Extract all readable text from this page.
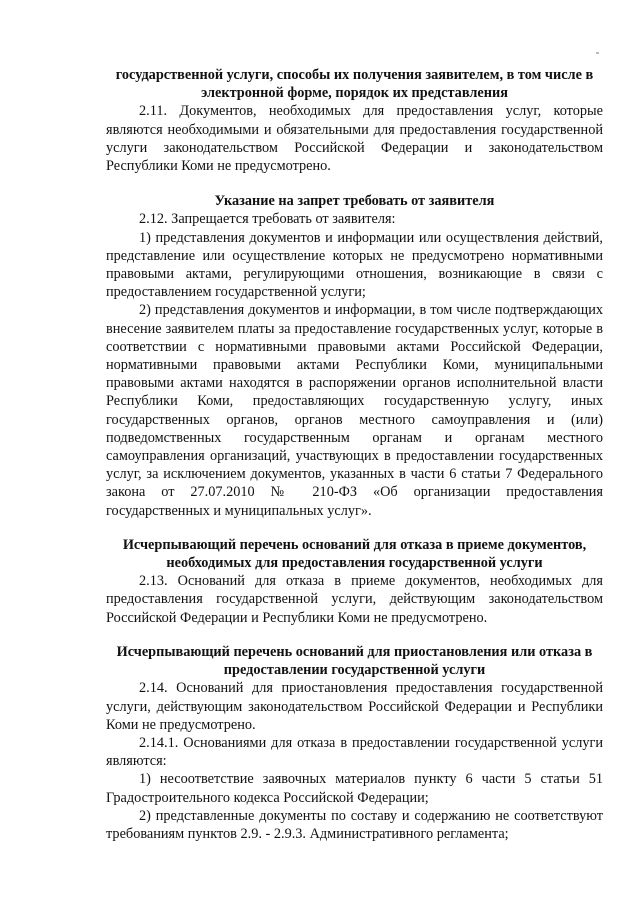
государственной услуги, способы их получения заявителем, в том числе в электронной форме, порядок их представления

2.11. Документов, необходимых для предоставления услуг, которые являются необходимыми и обязательными для предоставления государственной услуги законодательством Российской Федерации и законодательством Республики Коми не предусмотрено.

Указание на запрет требовать от заявителя

2.12. Запрещается требовать от заявителя:

1) представления документов и информации или осуществления действий, представление или осуществление которых не предусмотрено нормативными правовыми актами, регулирующими отношения, возникающие в связи с предоставлением государственной услуги;

2) представления документов и информации, в том числе подтверждающих внесение заявителем платы за предоставление государственных услуг, которые в соответствии с нормативными правовыми актами Российской Федерации, нормативными правовыми актами Республики Коми, муниципальными правовыми актами находятся в распоряжении органов исполнительной власти Республики Коми, предоставляющих государственную услугу, иных государственных органов, органов местного самоуправления и (или) подведомственных государственным органам и органам местного самоуправления организаций, участвующих в предоставлении государственных услуг, за исключением документов, указанных в части 6 статьи 7 Федерального закона от 27.07.2010 № 210-ФЗ «Об организации предоставления государственных и муниципальных услуг».

Исчерпывающий перечень оснований для отказа в приеме документов, необходимых для предоставления государственной услуги

2.13. Оснований для отказа в приеме документов, необходимых для предоставления государственной услуги, действующим законодательством Российской Федерации и Республики Коми не предусмотрено.

Исчерпывающий перечень оснований для приостановления или отказа в предоставлении государственной услуги

2.14. Оснований для приостановления предоставления государственной услуги, действующим законодательством Российской Федерации и Республики Коми не предусмотрено.

2.14.1. Основаниями для отказа в предоставлении государственной услуги являются:

1) несоответствие заявочных материалов пункту 6 части 5 статьи 51 Градостроительного кодекса Российской Федерации;

2) представленные документы по составу и содержанию не соответствуют требованиям пунктов 2.9. - 2.9.3. Административного регламента;
